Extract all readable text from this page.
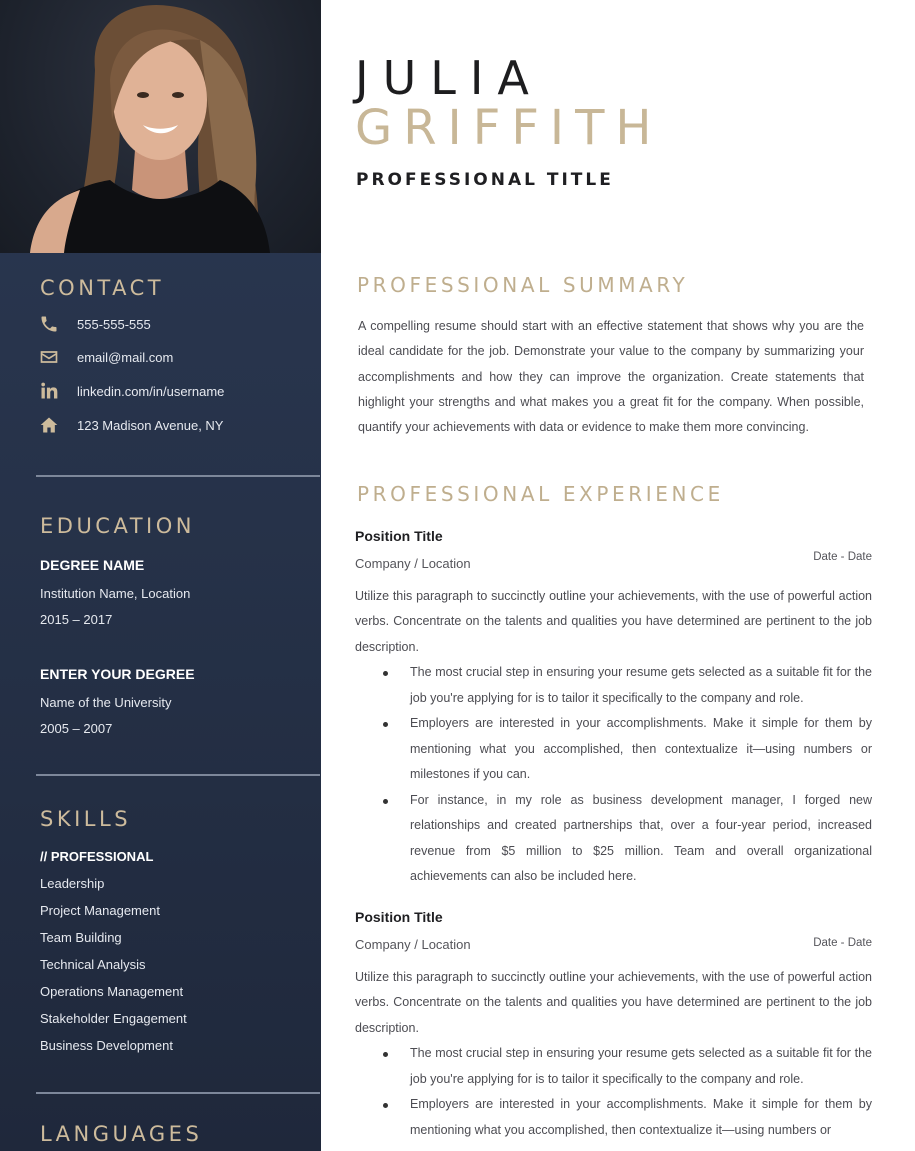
CONTACT
555-555-555
email@mail.com
linkedin.com/in/username
123 Madison Avenue, NY
EDUCATION
DEGREE NAME
Institution Name, Location
2015 – 2017
ENTER YOUR DEGREE
Name of the University
2005 – 2007
SKILLS
// PROFESSIONAL
Leadership
Project Management
Team Building
Technical Analysis
Operations Management
Stakeholder Engagement
Business Development
LANGUAGES
JULIA
GRIFFITH
PROFESSIONAL TITLE
PROFESSIONAL SUMMARY

A compelling resume should start with an effective statement that shows why you are the ideal candidate for the job. Demonstrate your value to the company by summarizing your accomplishments and how they can improve the organization. Create statements that highlight your strengths and what makes you a great fit for the company. When possible, quantify your achievements with data or evidence to make them more convincing.

PROFESSIONAL EXPERIENCE
Position Title
Company / Location	Date - Date

Utilize this paragraph to succinctly outline your achievements, with the use of powerful action verbs. Concentrate on the talents and qualities you have determined are pertinent to the job description.

The most crucial step in ensuring your resume gets selected as a suitable fit for the job you're applying for is to tailor it specifically to the company and role.
Employers are interested in your accomplishments. Make it simple for them by mentioning what you accomplished, then contextualize it—using numbers or milestones if you can.
For instance, in my role as business development manager, I forged new relationships and created partnerships that, over a four-year period, increased revenue from $5 million to $25 million. Team and overall organizational achievements can also be included here.
Position Title
Company / Location	Date - Date

Utilize this paragraph to succinctly outline your achievements, with the use of powerful action verbs. Concentrate on the talents and qualities you have determined are pertinent to the job description.

The most crucial step in ensuring your resume gets selected as a suitable fit for the job you're applying for is to tailor it specifically to the company and role.
Employers are interested in your accomplishments. Make it simple for them by mentioning what you accomplished, then contextualize it—using numbers or
